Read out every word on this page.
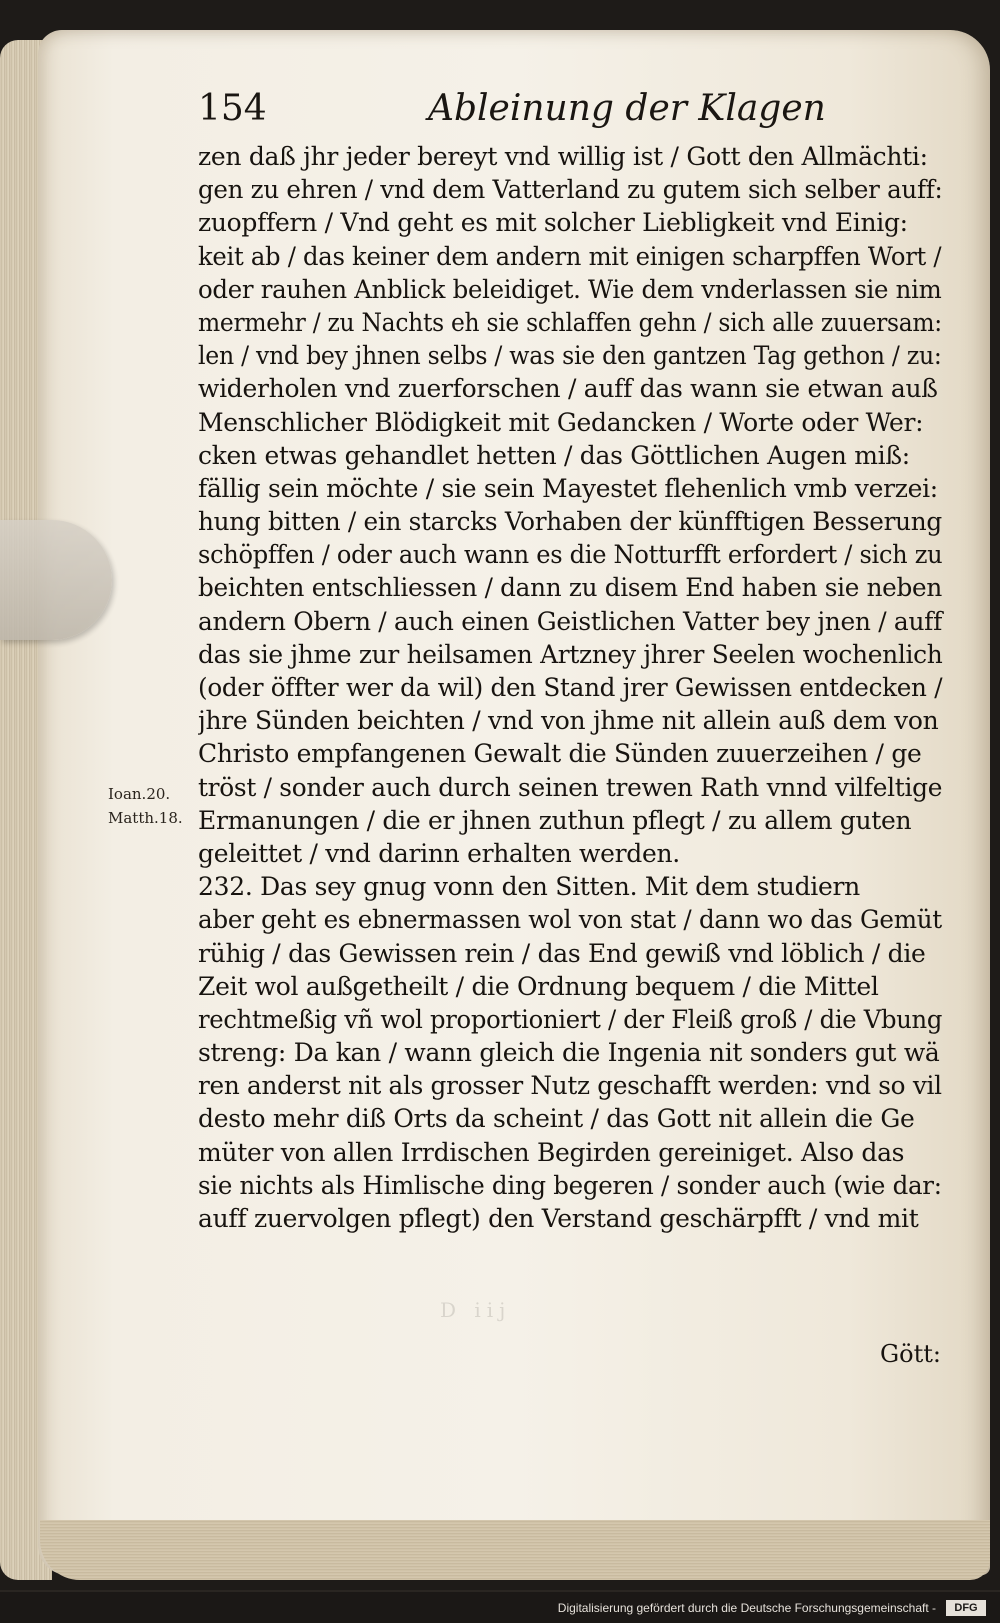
154	Ableinung der Klagen
zen daß jhr jeder bereyt vnd willig ist / Gott den Allmächti:
gen zu ehren / vnd dem Vatterland zu gutem sich selber auff:
zuopffern / Vnd geht es mit solcher Liebligkeit vnd Einig:
keit ab / das keiner dem andern mit einigen scharpffen Wort /
oder rauhen Anblick beleidiget. Wie dem vnderlassen sie nim
mermehr / zu Nachts eh sie schlaffen gehn / sich alle zuuersam:
len / vnd bey jhnen selbs / was sie den gantzen Tag gethon / zu:
widerholen vnd zuerforschen / auff das wann sie etwan auß
Menschlicher Blödigkeit mit Gedancken / Worte oder Wer:
cken etwas gehandlet hetten / das Göttlichen Augen miß:
fällig sein möchte / sie sein Mayestet flehenlich vmb verzei:
hung bitten / ein starcks Vorhaben der künfftigen Besserung
schöpffen / oder auch wann es die Notturfft erfordert / sich zu
beichten entschliessen / dann zu disem End haben sie neben
andern Obern / auch einen Geistlichen Vatter bey jnen / auff
das sie jhme zur heilsamen Artzney jhrer Seelen wochenlich
(oder öffter wer da wil) den Stand jrer Gewissen entdecken /
jhre Sünden beichten / vnd von jhme nit allein auß dem von
Christo empfangenen Gewalt die Sünden zuuerzeihen / ge
tröst / sonder auch durch seinen trewen Rath vnnd vilfeltige
Ermanungen / die er jhnen zuthun pflegt / zu allem guten
geleittet / vnd darinn erhalten werden.
232. Das sey gnug vonn den Sitten. Mit dem studiern
aber geht es ebnermassen wol von stat / dann wo das Gemüt
rühig / das Gewissen rein / das End gewiß vnd löblich / die
Zeit wol außgetheilt / die Ordnung bequem / die Mittel
rechtmeßig vñ wol proportioniert / der Fleiß groß / die Vbung
streng: Da kan / wann gleich die Ingenia nit sonders gut wä
ren anderst nit als grosser Nutz geschafft werden: vnd so vil
desto mehr diß Orts da scheint / das Gott nit allein die Ge
müter von allen Irrdischen Begirden gereiniget. Also das
sie nichts als Himlische ding begeren / sonder auch (wie dar:
auff zuervolgen pflegt) den Verstand geschärpfft / vnd mit
Ioan.20.
Matth.18.
D iij
Gött:
Digitalisierung gefördert durch die Deutsche Forschungsgemeinschaft -	DFG
